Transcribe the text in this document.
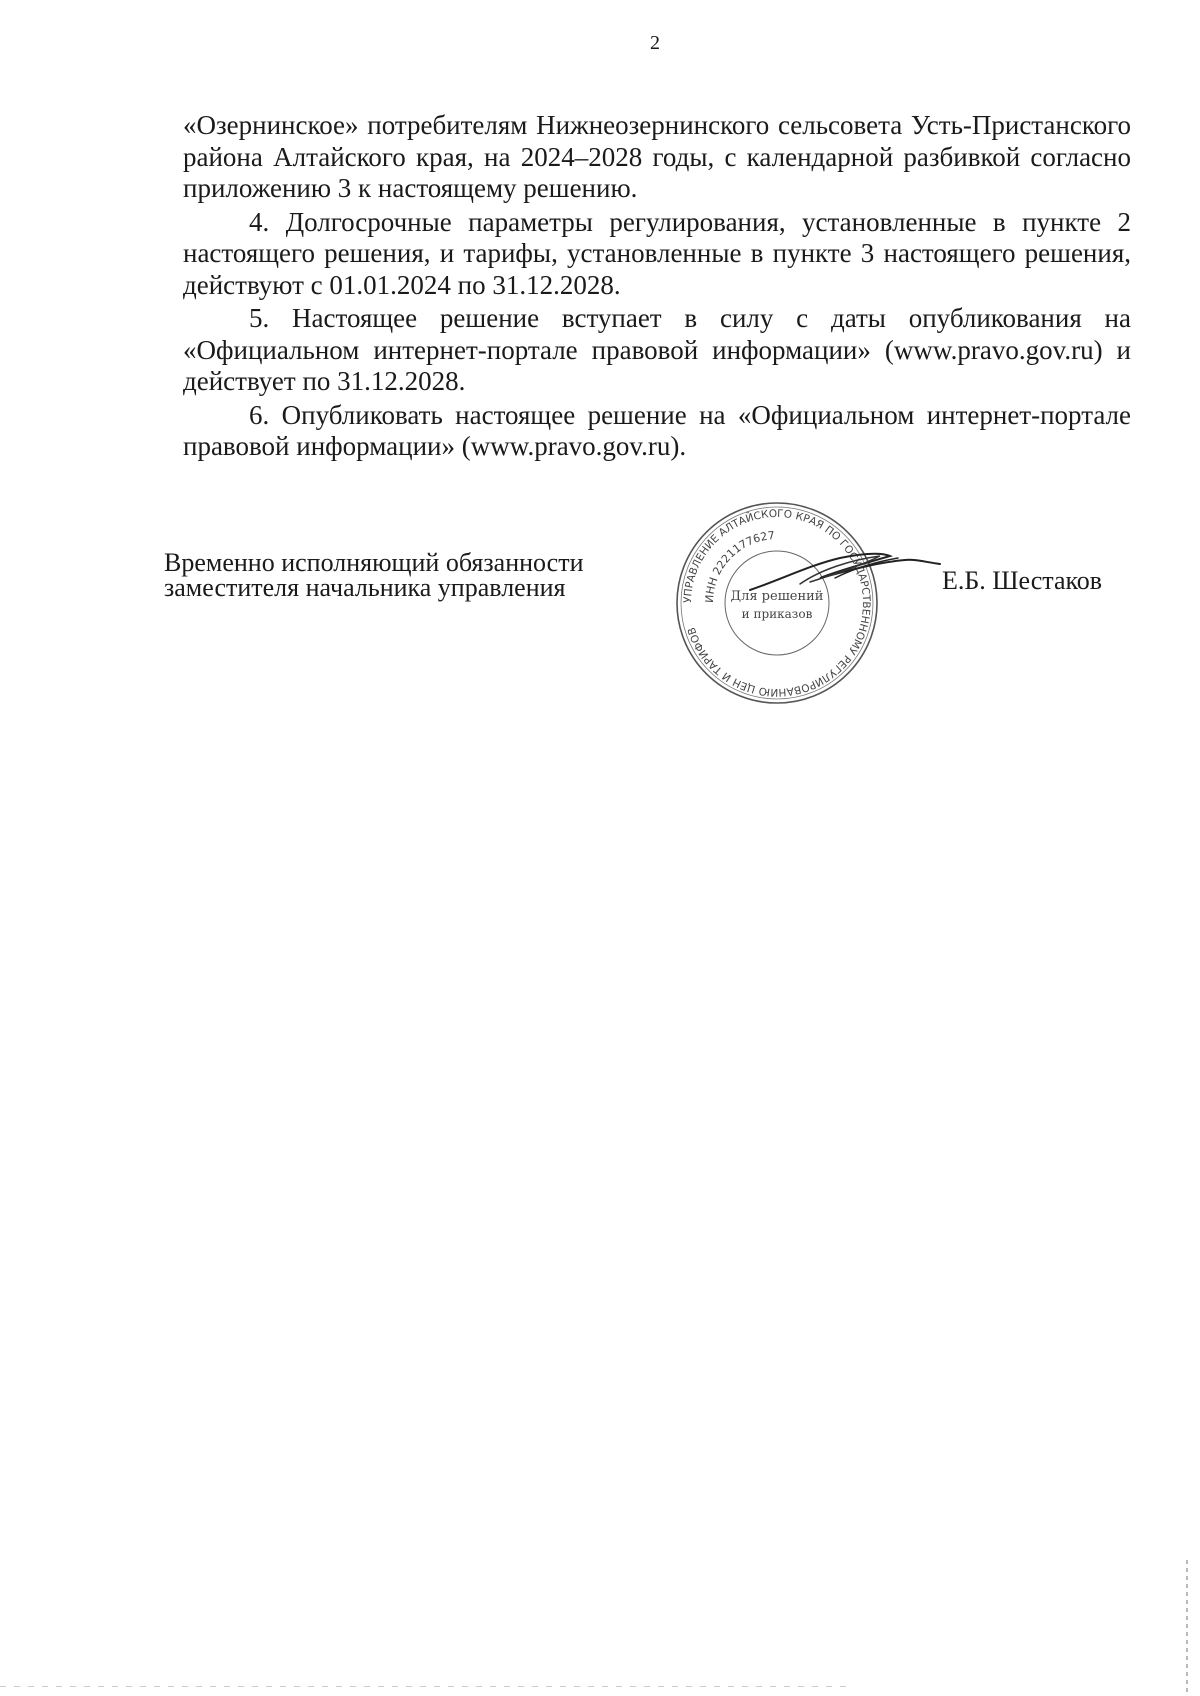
2

«Озернинское» потребителям Нижнеозернинского сельсовета Усть-Пристанского района Алтайского края, на 2024–2028 годы, с календарной разбивкой согласно приложению 3 к настоящему решению.

4. Долгосрочные параметры регулирования, установленные в пункте 2 настоящего решения, и тарифы, установленные в пункте 3 настоящего решения, действуют с 01.01.2024 по 31.12.2028.

5. Настоящее решение вступает в силу с даты опубликования на «Официальном интернет-портале правовой информации» (www.pravo.gov.ru) и действует по 31.12.2028.

6. Опубликовать настоящее решение на «Официальном интернет-портале правовой информации» (www.pravo.gov.ru).

Временно исполняющий обязанности
заместителя начальника управления	УПРАВЛЕНИЕ АЛТАЙСКОГО КРАЯ ПО ГОСУДАРСТВЕННОМУ РЕГУЛИРОВАНИЮ ЦЕН И ТАРИФОВ
ИНН 2221177627
Для решений
и приказов
Е.Б. Шестаков
